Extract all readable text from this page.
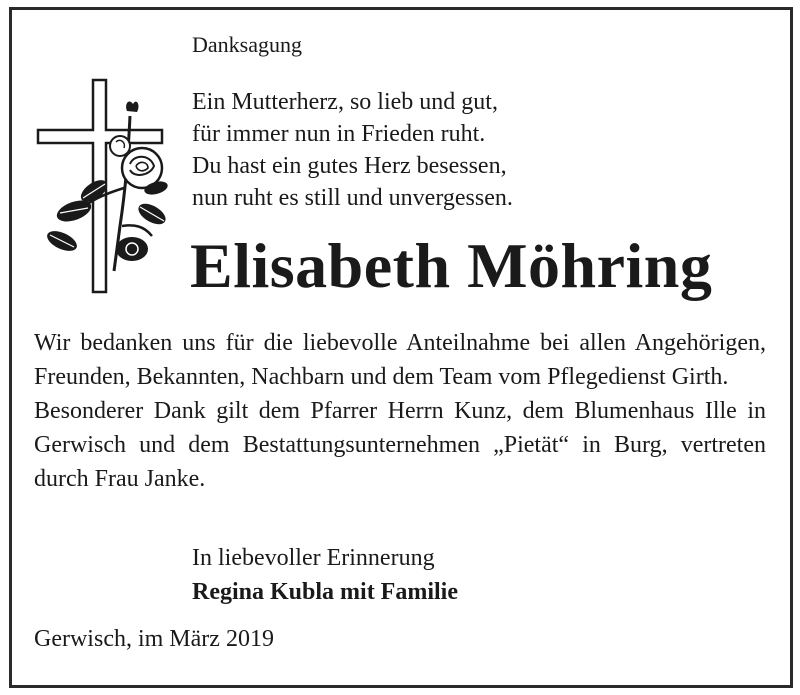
Danksagung
Ein Mutterherz, so lieb und gut,
für immer nun in Frieden ruht.
Du hast ein gutes Herz besessen,
nun ruht es still und unvergessen.
Elisabeth Möhring

Wir bedanken uns für die liebevolle Anteilnahme bei allen Angehörigen, Freunden, Bekannten, Nachbarn und dem Team vom Pflegedienst Girth.

Besonderer Dank gilt dem Pfarrer Herrn Kunz, dem Blumenhaus Ille in Gerwisch und dem Bestattungsunternehmen „Pietät“ in Burg, vertreten durch Frau Janke.

In liebevoller Erinnerung
Regina Kubla mit Familie
Gerwisch, im März 2019
